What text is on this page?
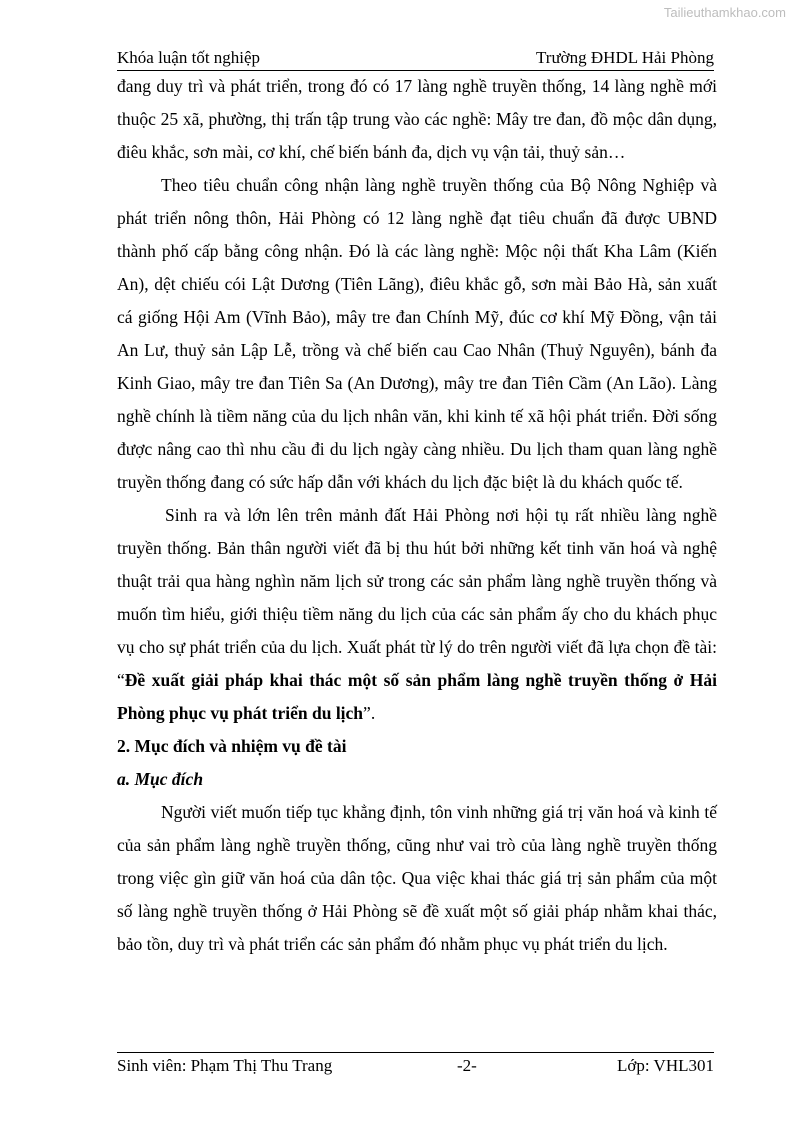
Tailieuthamkhao.com
Khóa luận tốt nghiệp	Trường ĐHDL Hải Phòng

đang duy trì và phát triển, trong đó có 17 làng nghề truyền thống, 14 làng nghề mới thuộc 25 xã, phường, thị trấn tập trung vào các nghề: Mây tre đan, đồ mộc dân dụng, điêu khắc, sơn mài, cơ khí, chế biến bánh đa, dịch vụ vận tải, thuỷ sản…

Theo tiêu chuẩn công nhận làng nghề truyền thống của Bộ Nông Nghiệp và phát triển nông thôn, Hải Phòng có 12 làng nghề đạt tiêu chuẩn đã được UBND thành phố cấp bằng công nhận. Đó là các làng nghề: Mộc nội thất Kha Lâm (Kiến An), dệt chiếu cói Lật Dương (Tiên Lãng), điêu khắc gỗ, sơn mài Bảo Hà, sản xuất cá giống Hội Am (Vĩnh Bảo), mây tre đan Chính Mỹ, đúc cơ khí Mỹ Đồng, vận tải An Lư, thuỷ sản Lập Lễ, trồng và chế biến cau Cao Nhân (Thuỷ Nguyên), bánh đa Kinh Giao, mây tre đan Tiên Sa (An Dương), mây tre đan Tiên Cầm (An Lão). Làng nghề chính là tiềm năng của du lịch nhân văn, khi kinh tế xã hội phát triển. Đời sống được nâng cao thì nhu cầu đi du lịch ngày càng nhiều. Du lịch tham quan làng nghề truyền thống đang có sức hấp dẫn với khách du lịch đặc biệt là du khách quốc tế.

Sinh ra và lớn lên trên mảnh đất Hải Phòng nơi hội tụ rất nhiều làng nghề truyền thống. Bản thân người viết đã bị thu hút bởi những kết tinh văn hoá và nghệ thuật trải qua hàng nghìn năm lịch sử trong các sản phẩm làng nghề truyền thống và muốn tìm hiểu, giới thiệu tiềm năng du lịch của các sản phẩm ấy cho du khách phục vụ cho sự phát triển của du lịch. Xuất phát từ lý do trên người viết đã lựa chọn đề tài: “Đề xuất giải pháp khai thác một số sản phẩm làng nghề truyền thống ở Hải Phòng phục vụ phát triển du lịch”.

2. Mục đích và nhiệm vụ đề tài

a. Mục đích

Người viết muốn tiếp tục khẳng định, tôn vinh những giá trị văn hoá và kinh tế của sản phẩm làng nghề truyền thống, cũng như vai trò của làng nghề truyền thống trong việc gìn giữ văn hoá của dân tộc. Qua việc khai thác giá trị sản phẩm của một số làng nghề truyền thống ở Hải Phòng sẽ đề xuất một số giải pháp nhằm khai thác, bảo tồn, duy trì và phát triển các sản phẩm đó nhằm phục vụ phát triển du lịch.

Sinh viên: Phạm Thị Thu Trang	-2-	Lớp: VHL301
